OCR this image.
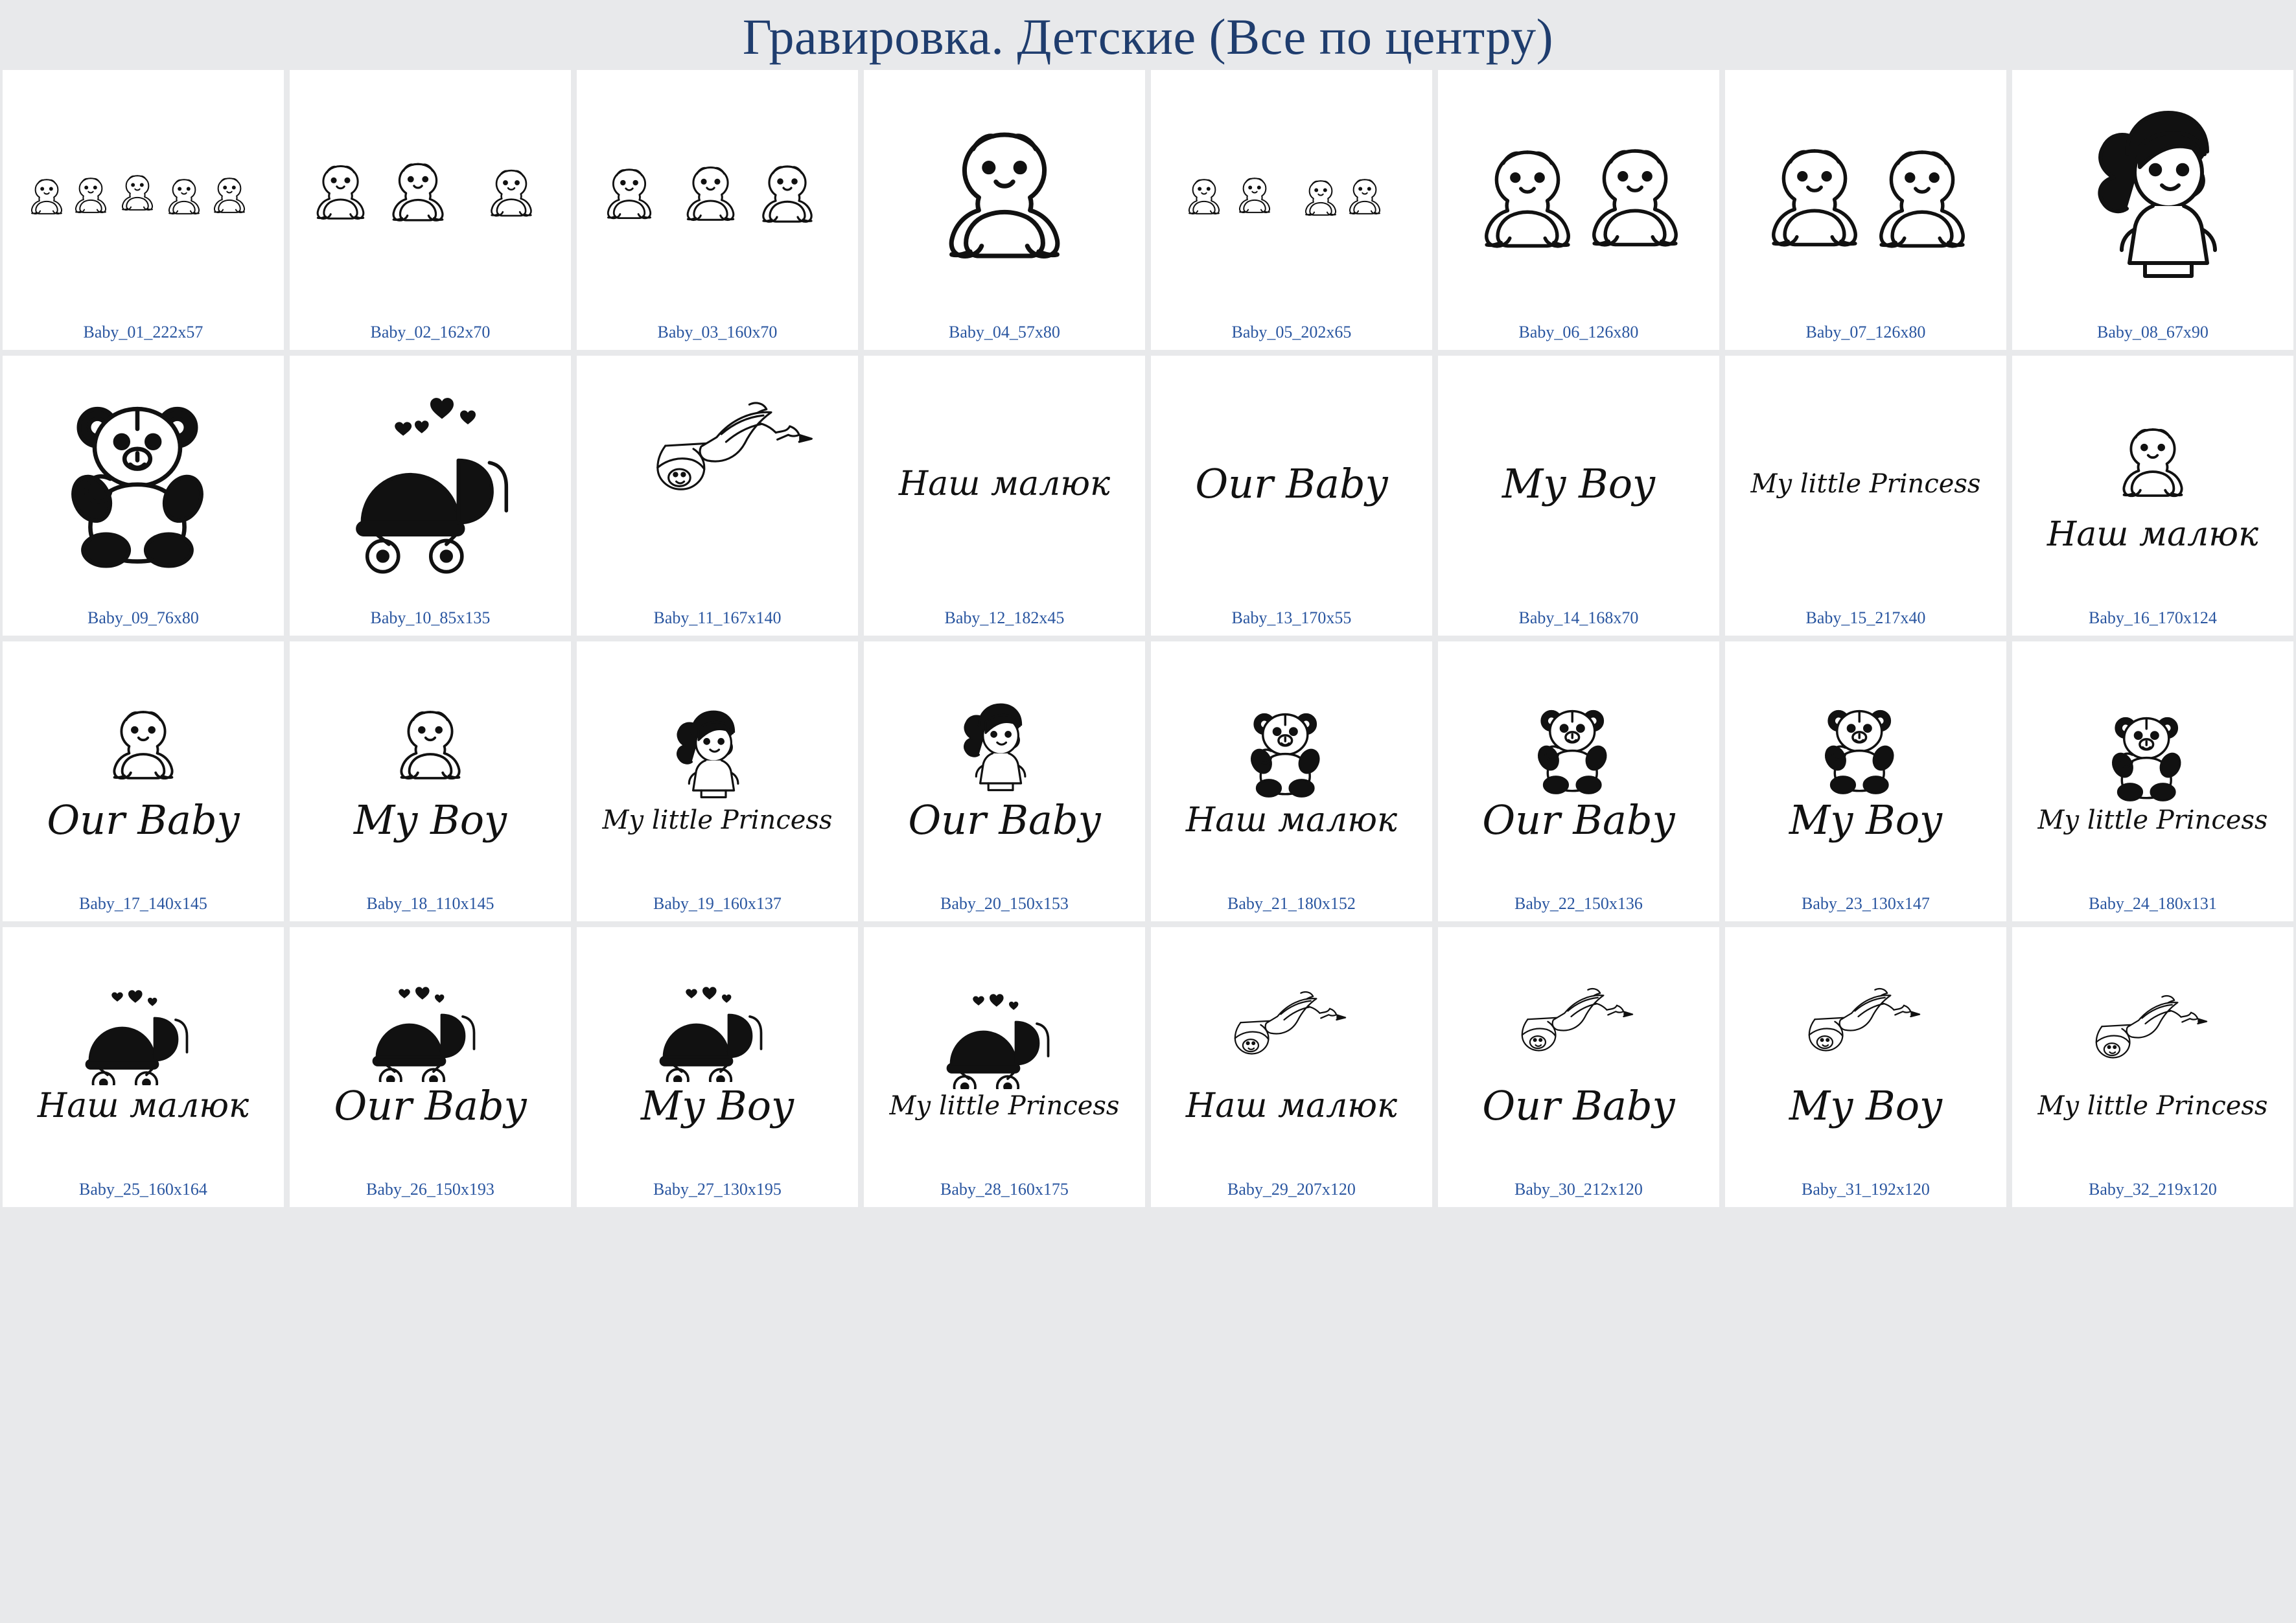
Гравировка. Детские (Все по центру)
Baby_01_222x57	Baby_02_162x70	Baby_03_160x70	Baby_04_57x80	Baby_05_202x65	Baby_06_126x80	Baby_07_126x80	Baby_08_67x90
Baby_09_76x80	Baby_10_85x135	Baby_11_167x140
Наш малюк
Baby_12_182x45
Our Baby
Baby_13_170x55
My Boy
Baby_14_168x70
My little Princess
Baby_15_217x40
Наш малюк
Baby_16_170x124
Our Baby
Baby_17_140x145
My Boy
Baby_18_110x145
My little Princess
Baby_19_160x137
Our Baby
Baby_20_150x153
Наш малюк
Baby_21_180x152
Our Baby
Baby_22_150x136
My Boy
Baby_23_130x147
My little Princess
Baby_24_180x131
Наш малюк
Baby_25_160x164
Our Baby
Baby_26_150x193
My Boy
Baby_27_130x195
My little Princess
Baby_28_160x175
Наш малюк
Baby_29_207x120
Our Baby
Baby_30_212x120
My Boy
Baby_31_192x120
My little Princess
Baby_32_219x120
